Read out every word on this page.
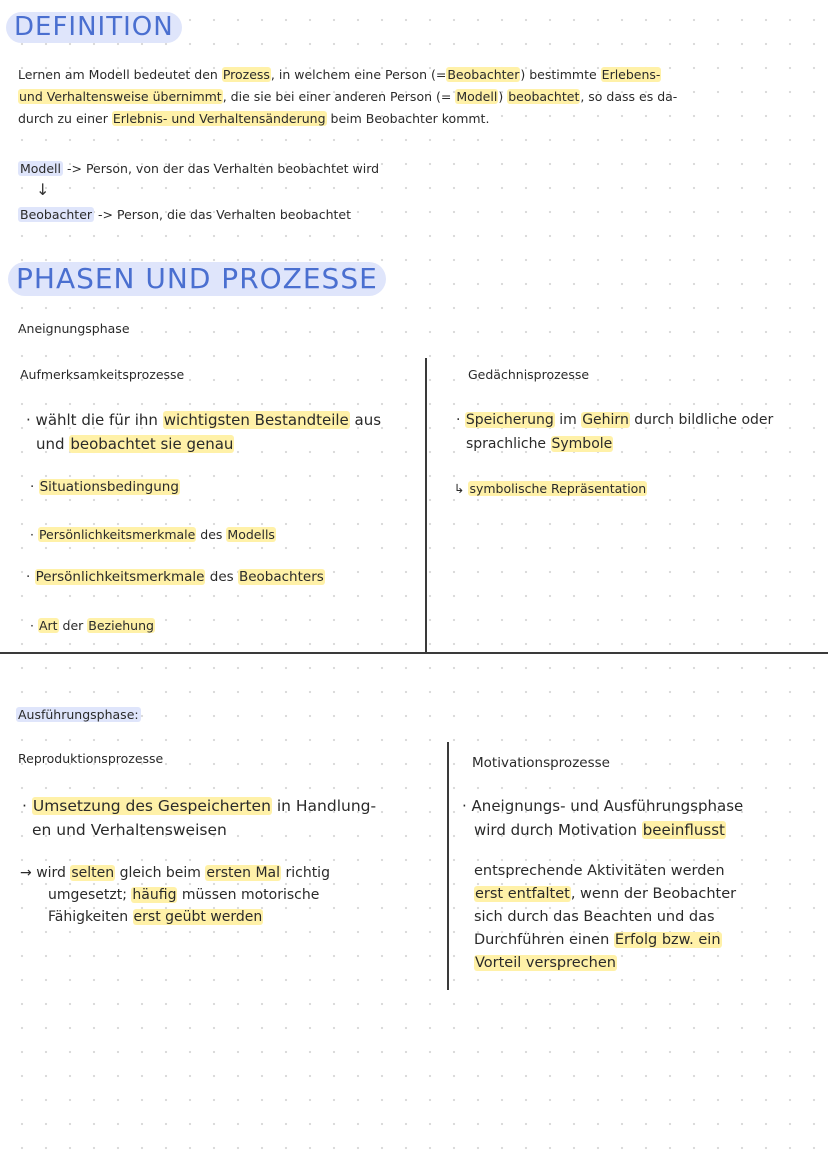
DEFINITION
Lernen am Modell bedeutet den Prozess, in welchem eine Person (=Beobachter) bestimmte Erlebens-
und Verhaltensweise übernimmt, die sie bei einer anderen Person (= Modell) beobachtet, so dass es da-
durch zu einer Erlebnis- und Verhaltensänderung beim Beobachter kommt.
Modell -> Person, von der das Verhalten beobachtet wird
↓
Beobachter -> Person, die das Verhalten beobachtet
PHASEN UND PROZESSE
Aneignungsphase
Aufmerksamkeitsprozesse
· wählt die für ihn wichtigsten Bestandteile aus
und beobachtet sie genau
· Situationsbedingung
· Persönlichkeitsmerkmale des Modells
· Persönlichkeitsmerkmale des Beobachters
· Art der Beziehung
Gedächnisprozesse
· Speicherung im Gehirn durch bildliche oder
sprachliche Symbole
↳ symbolische Repräsentation
Ausführungsphase:
Reproduktionsprozesse
· Umsetzung des Gespeicherten in Handlung-
en und Verhaltensweisen
→ wird selten gleich beim ersten Mal richtig
umgesetzt; häufig müssen motorische
Fähigkeiten erst geübt werden
Motivationsprozesse
· Aneignungs- und Ausführungsphase
wird durch Motivation beeinflusst
entsprechende Aktivitäten werden
erst entfaltet, wenn der Beobachter
sich durch das Beachten und das
Durchführen einen Erfolg bzw. ein
Vorteil versprechen
